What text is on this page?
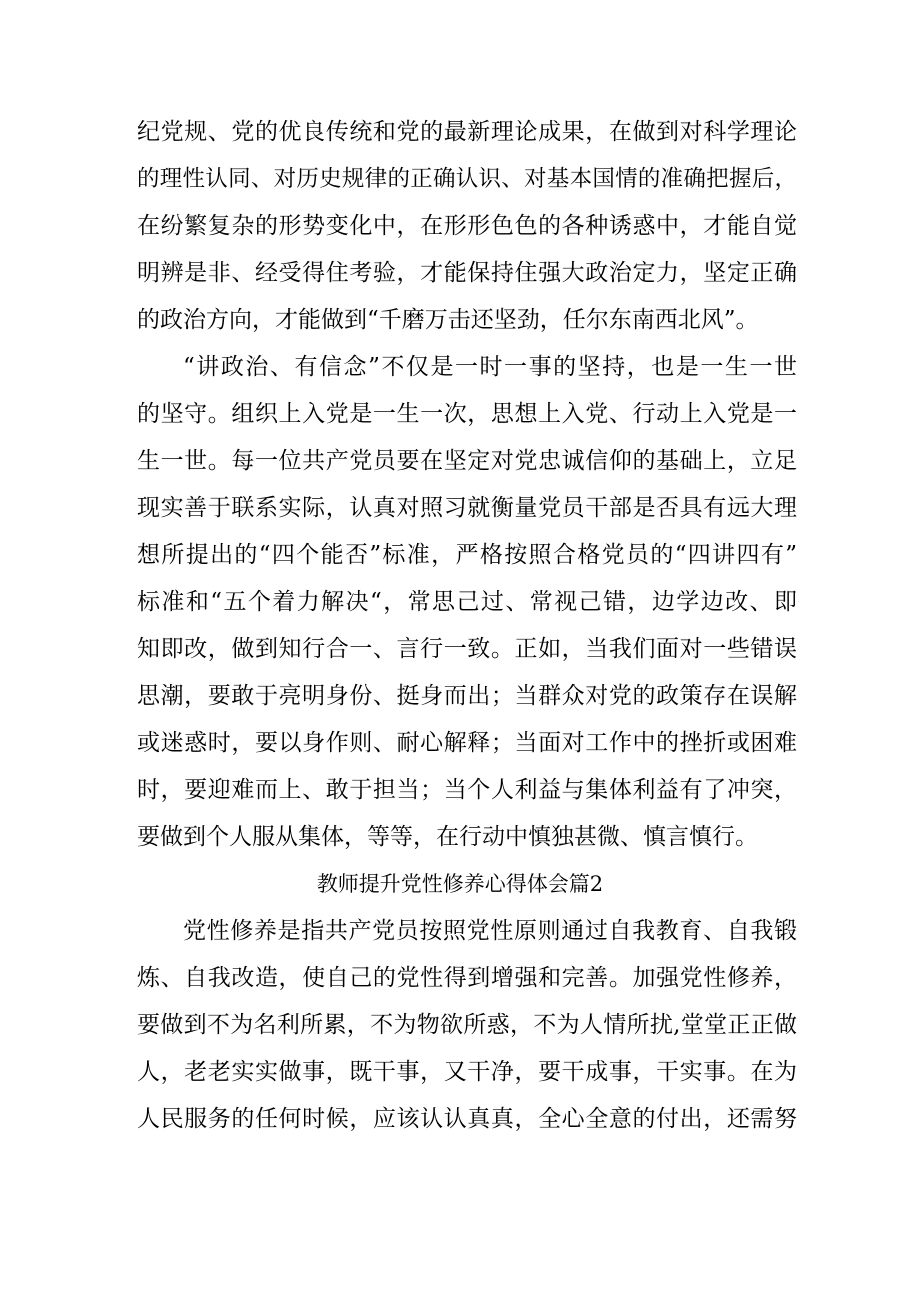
纪党规、党的优良传统和党的最新理论成果，在做到对科学理论
的理性认同、对历史规律的正确认识、对基本国情的准确把握后，
在纷繁复杂的形势变化中，在形形色色的各种诱惑中，才能自觉
明辨是非、经受得住考验，才能保持住强大政治定力，坚定正确
的政治方向，才能做到“千磨万击还坚劲，任尔东南西北风”。
“讲政治、有信念”不仅是一时一事的坚持，也是一生一世
的坚守。组织上入党是一生一次，思想上入党、行动上入党是一
生一世。每一位共产党员要在坚定对党忠诚信仰的基础上，立足
现实善于联系实际，认真对照习就衡量党员干部是否具有远大理
想所提出的“四个能否”标准，严格按照合格党员的“四讲四有”
标准和“五个着力解决“，常思己过、常视己错，边学边改、即
知即改，做到知行合一、言行一致。正如，当我们面对一些错误
思潮，要敢于亮明身份、挺身而出；当群众对党的政策存在误解
或迷惑时，要以身作则、耐心解释；当面对工作中的挫折或困难
时，要迎难而上、敢于担当；当个人利益与集体利益有了冲突，
要做到个人服从集体，等等，在行动中慎独甚微、慎言慎行。
教师提升党性修养心得体会篇2
党性修养是指共产党员按照党性原则通过自我教育、自我锻
炼、自我改造，使自己的党性得到增强和完善。加强党性修养，
要做到不为名利所累，不为物欲所惑，不为人情所扰,堂堂正正做
人，老老实实做事，既干事，又干净，要干成事，干实事。在为
人民服务的任何时候，应该认认真真，全心全意的付出，还需努
